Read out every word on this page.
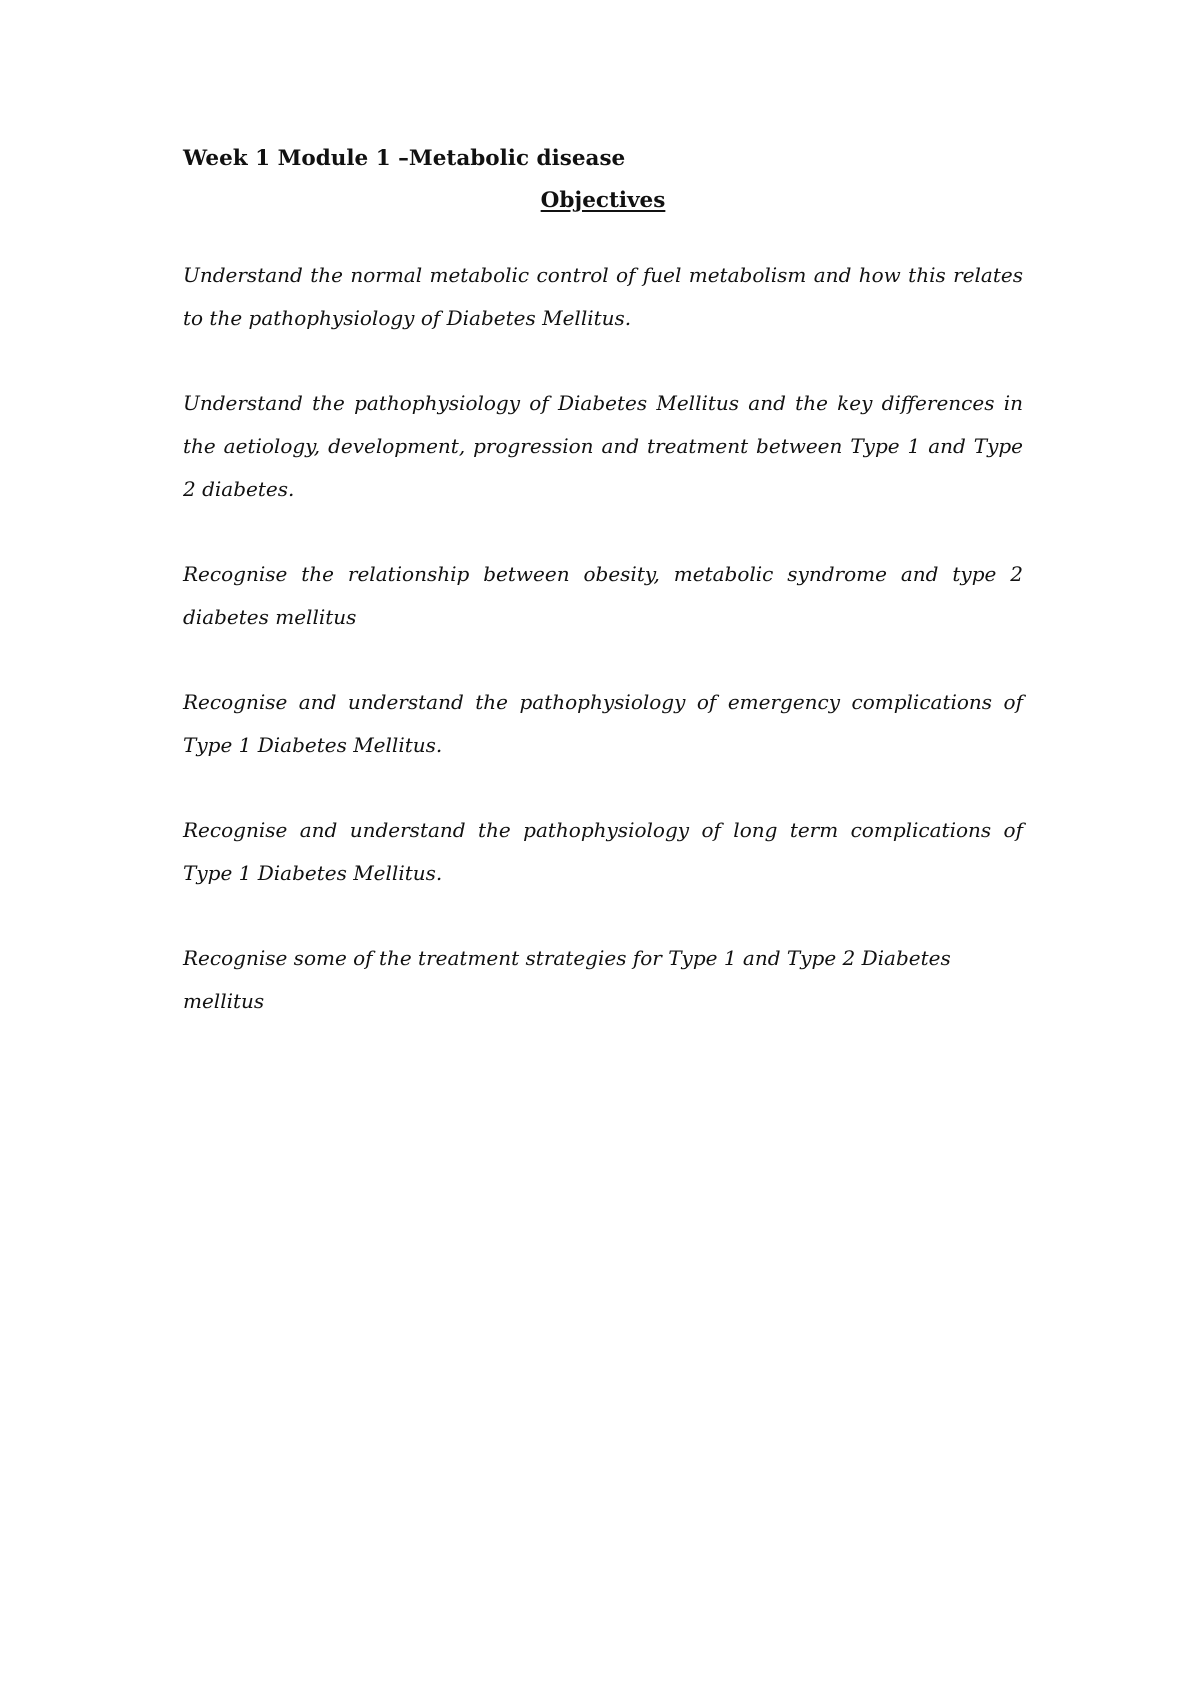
Week 1 Module 1 –Metabolic disease

Objectives

Understand the normal metabolic control of fuel metabolism and how this relates to the pathophysiology of Diabetes Mellitus.

Understand the pathophysiology of Diabetes Mellitus and the key differences in the aetiology, development, progression and treatment between Type 1 and Type 2 diabetes.

Recognise the relationship between obesity, metabolic syndrome and type 2 diabetes mellitus

Recognise and understand the pathophysiology of emergency complications of Type 1 Diabetes Mellitus.

Recognise and understand the pathophysiology of long term complications of Type 1 Diabetes Mellitus.

Recognise some of the treatment strategies for Type 1 and Type 2 Diabetes mellitus
